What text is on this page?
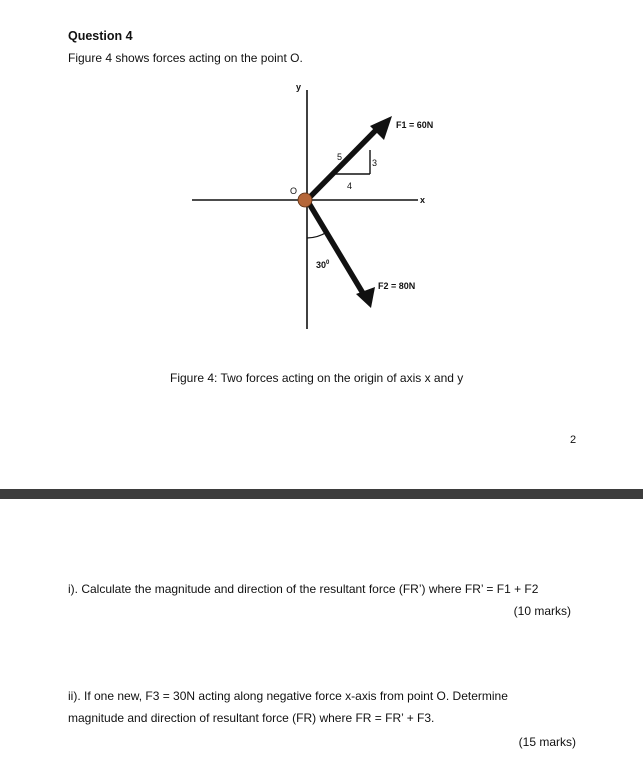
Question 4
Figure 4 shows forces acting on the point O.
y
x
O
5
3
4
F1 = 60N
F2 = 80N
$30^0$
Figure 4: Two forces acting on the origin of axis x and y
2
i). Calculate the magnitude and direction of the resultant force (FR’) where FR’ = F1 + F2
(10 marks)
ii). If one new, F3 = 30N acting along negative force x-axis from point O. Determine
magnitude and direction of resultant force (FR) where FR = FR’ + F3.
(15 marks)
